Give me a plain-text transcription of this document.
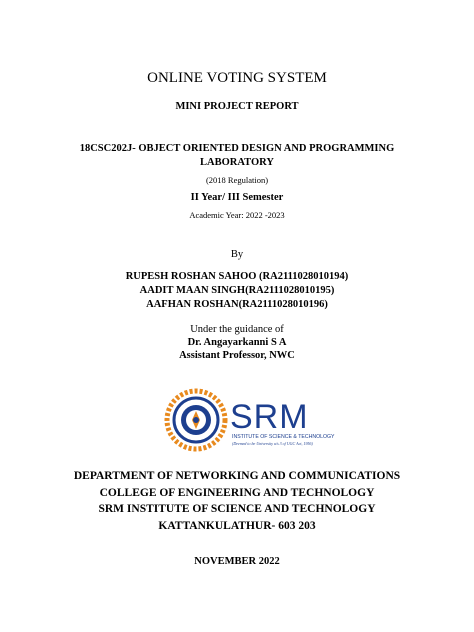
ONLINE VOTING SYSTEM
MINI PROJECT REPORT
18CSC202J- OBJECT ORIENTED DESIGN AND PROGRAMMING
LABORATORY
(2018 Regulation)
II Year/ III Semester
Academic Year: 2022 -2023
By
RUPESH ROSHAN SAHOO (RA2111028010194)
AADIT MAAN SINGH(RA2111028010195)
AAFHAN ROSHAN(RA2111028010196)
Under the guidance of
Dr. Angayarkanni S A
Assistant Professor, NWC
SRM
INSTITUTE OF SCIENCE & TECHNOLOGY
(Deemed to be University u/s 3 of UGC Act, 1956)
DEPARTMENT OF NETWORKING AND COMMUNICATIONS
COLLEGE OF ENGINEERING AND TECHNOLOGY
SRM INSTITUTE OF SCIENCE AND TECHNOLOGY
KATTANKULATHUR- 603 203
NOVEMBER 2022
